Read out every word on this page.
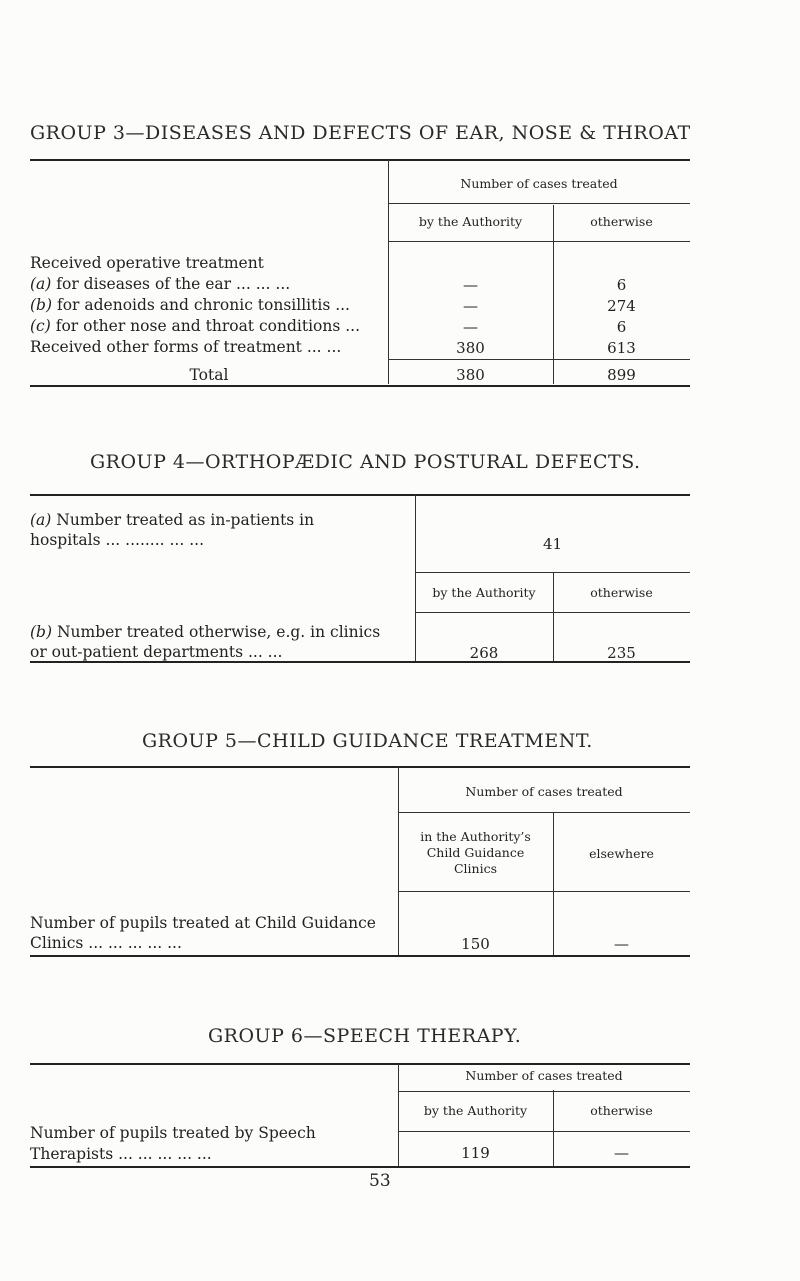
GROUP 3—DISEASES AND DEFECTS OF EAR, NOSE & THROAT
Number of cases treated
by the Authority	otherwise
Received operative treatment
(a) for diseases of the ear ... ... ...	—	6
(b) for adenoids and chronic tonsillitis ...	—	274
(c) for other nose and throat conditions ...	—	6
Received other forms of treatment ... ...	380	613
Total	380	899
GROUP 4—ORTHOPÆDIC AND POSTURAL DEFECTS.
(a) Number treated as in-patients in
hospitals ... ........ ... ...	41
by the Authority	otherwise
(b) Number treated otherwise, e.g. in clinics
or out-patient departments ... ...	268	235
GROUP 5—CHILD GUIDANCE TREATMENT.
Number of cases treated
in the Authority’s
Child Guidance
Clinics
elsewhere
Number of pupils treated at Child Guidance
Clinics ... ... ... ... ...	150	—
GROUP 6—SPEECH THERAPY.
Number of cases treated
by the Authority	otherwise
Number of pupils treated by Speech
Therapists ... ... ... ... ...	119	—
53
